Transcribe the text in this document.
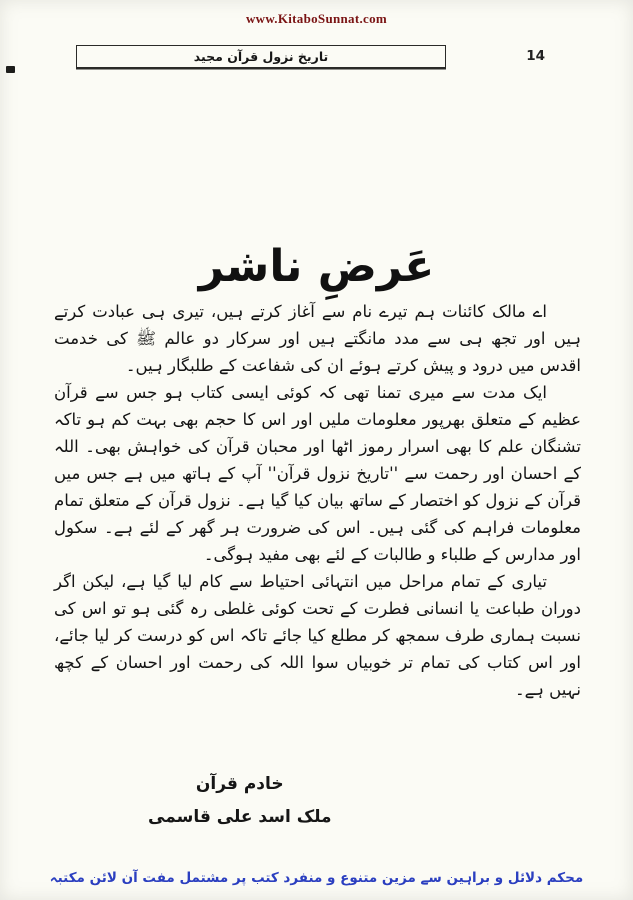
www.KitaboSunnat.com
تاریخ نزول قرآن مجید	14
عَرضِ ناشر

اے مالک کائنات ہم تیرے نام سے آغاز کرتے ہیں، تیری ہی عبادت کرتے ہیں اور تجھ ہی سے مدد مانگتے ہیں اور سرکار دو عالم ﷺ کی خدمت اقدس میں درود و پیش کرتے ہوئے ان کی شفاعت کے طلبگار ہیں۔

ایک مدت سے میری تمنا تھی کہ کوئی ایسی کتاب ہو جس سے قرآن عظیم کے متعلق بھرپور معلومات ملیں اور اس کا حجم بھی بہت کم ہو تاکہ تشنگان علم کا بھی اسرار رموز اٹھا اور محبان قرآن کی خواہش بھی۔ اللہ کے احسان اور رحمت سے ''تاریخ نزول قرآن'' آپ کے ہاتھ میں ہے جس میں قرآن کے نزول کو اختصار کے ساتھ بیان کیا گیا ہے۔ نزول قرآن کے متعلق تمام معلومات فراہم کی گئی ہیں۔ اس کی ضرورت ہر گھر کے لئے ہے۔ سکول اور مدارس کے طلباء و طالبات کے لئے بھی مفید ہوگی۔

تیاری کے تمام مراحل میں انتہائی احتیاط سے کام لیا گیا ہے، لیکن اگر دوران طباعت یا انسانی فطرت کے تحت کوئی غلطی رہ گئی ہو تو اس کی نسبت ہماری طرف سمجھ کر مطلع کیا جائے تاکہ اس کو درست کر لیا جائے، اور اس کتاب کی تمام تر خوبیاں سوا اللہ کی رحمت اور احسان کے کچھ نہیں ہے۔

خادم قرآن
ملک اسد علی قاسمی
محکم دلائل و براہین سے مزین متنوع و منفرد کتب پر مشتمل مفت آن لائن مکتبہ
